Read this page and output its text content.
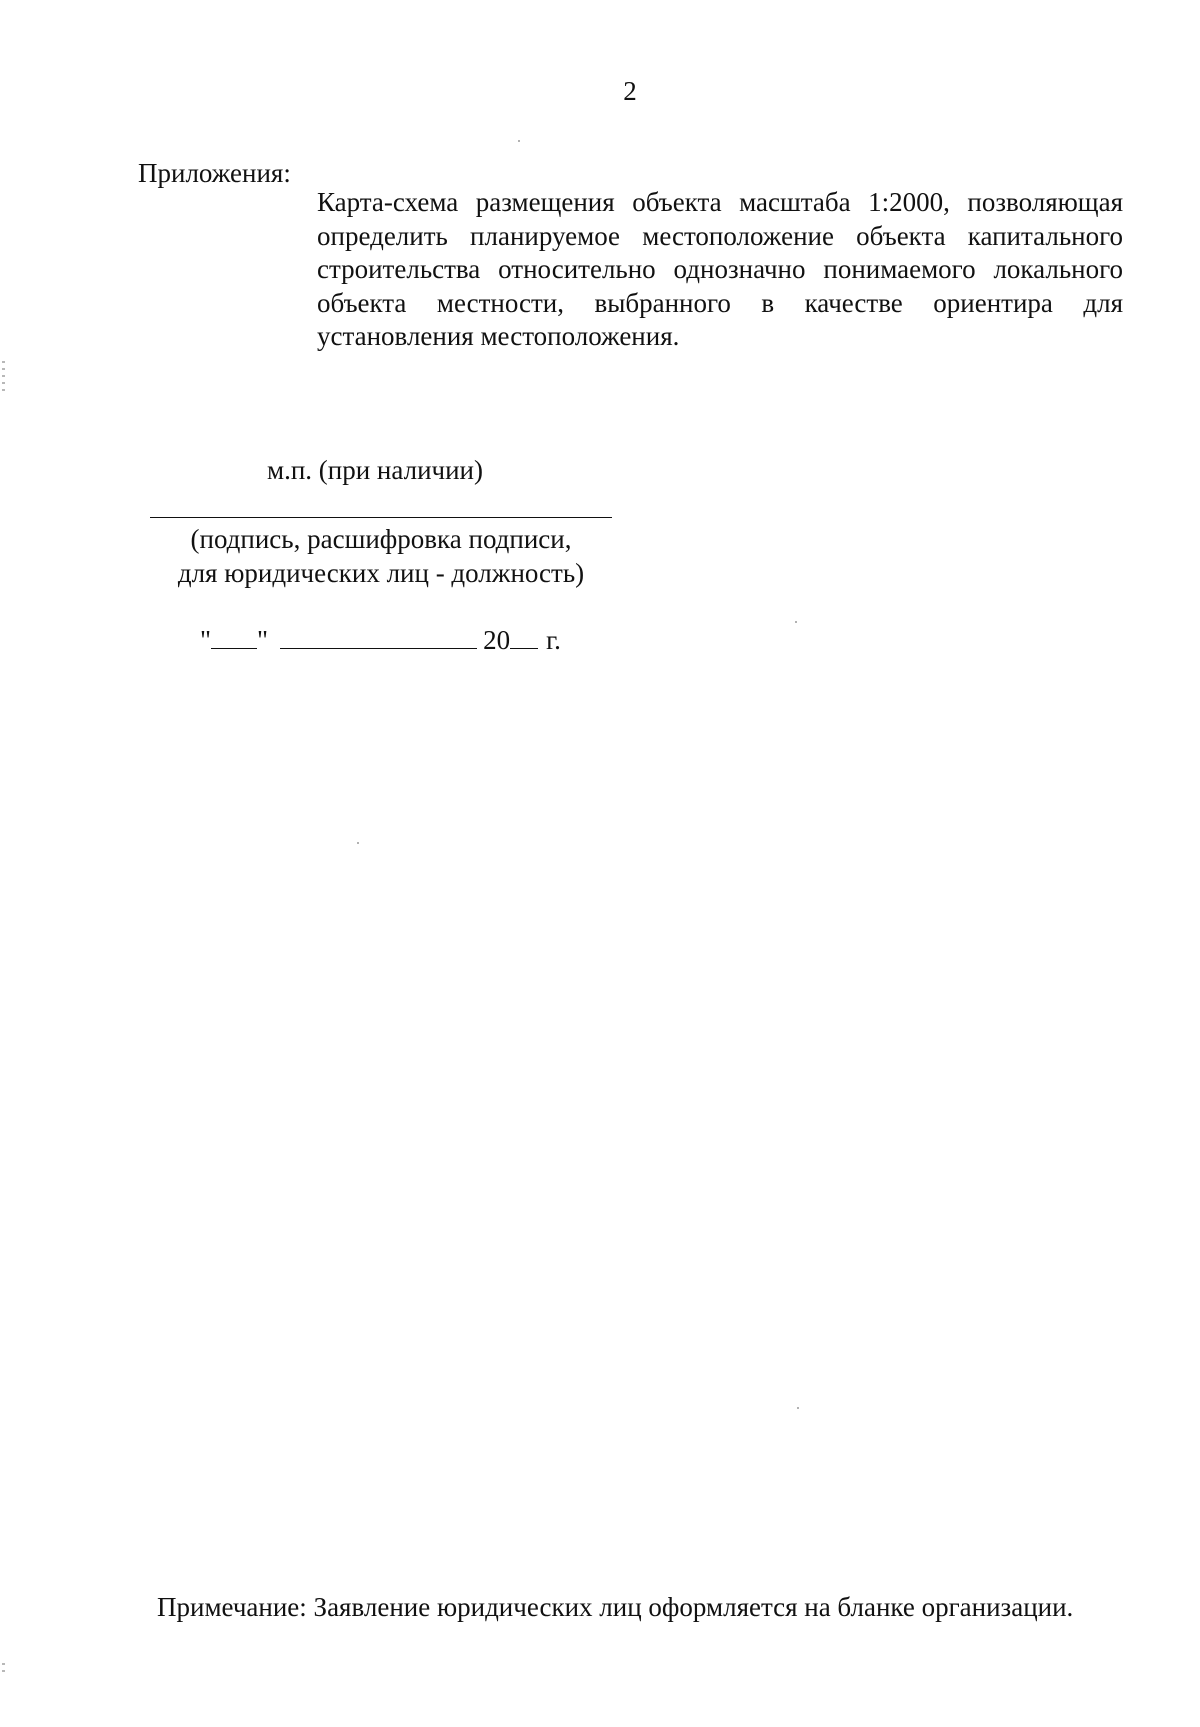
2
Приложения:
Карта-схема размещения объекта масштаба 1:2000, позволяющая определить планируемое местоположение объекта капитального строительства относительно однозначно понимаемого локального объекта местности, выбранного в качестве ориентира для установления местоположения.
м.п. (при наличии)
(подпись, расшифровка подписи,
для юридических лиц - должность)
" "	20 г.
Примечание: Заявление юридических лиц оформляется на бланке организации.
